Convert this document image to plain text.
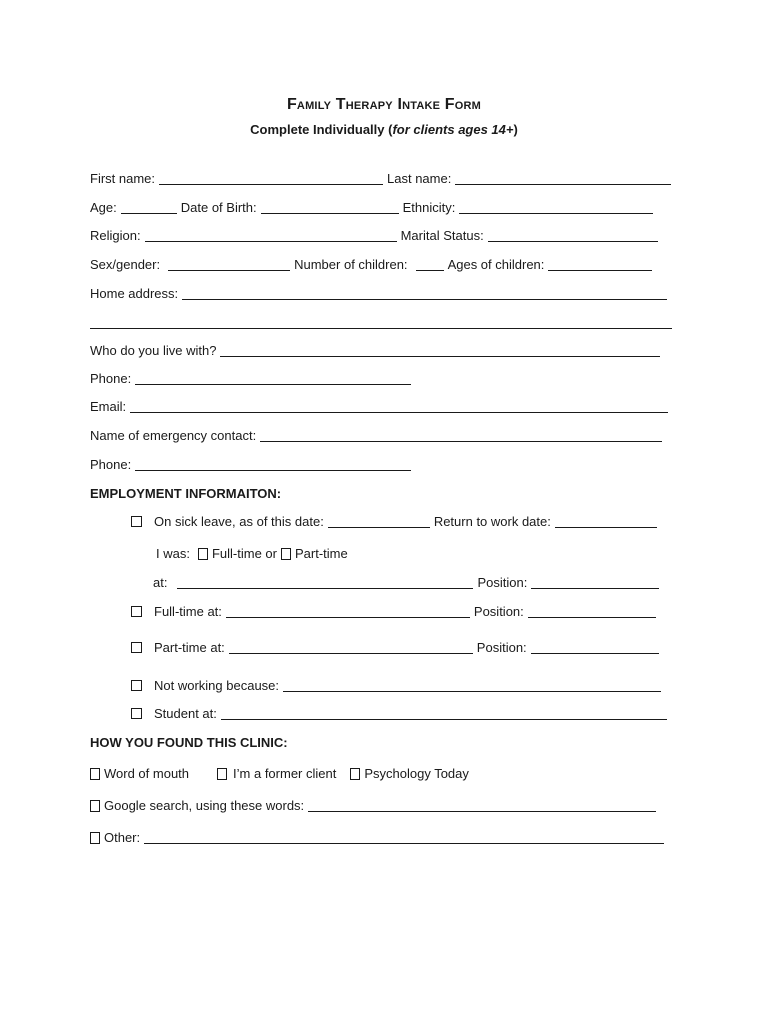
Family Therapy Intake Form
Complete Individually (for clients ages 14+)
First name:	Last name:
Age:	Date of Birth:	Ethnicity:
Religion:	Marital Status:
Sex/gender:	Number of children:	Ages of children:
Home address:
Who do you live with?
Phone:
Email:
Name of emergency contact:
Phone:
EMPLOYMENT INFORMAITON:
On sick leave, as of this date:	Return to work date:
I was: Full-time or Part-time
at:	Position:
Full-time at:	Position:
Part-time at:	Position:
Not working because:
Student at:
HOW YOU FOUND THIS CLINIC:
Word of mouth	I’m a former client Psychology Today
Google search, using these words:
Other:
